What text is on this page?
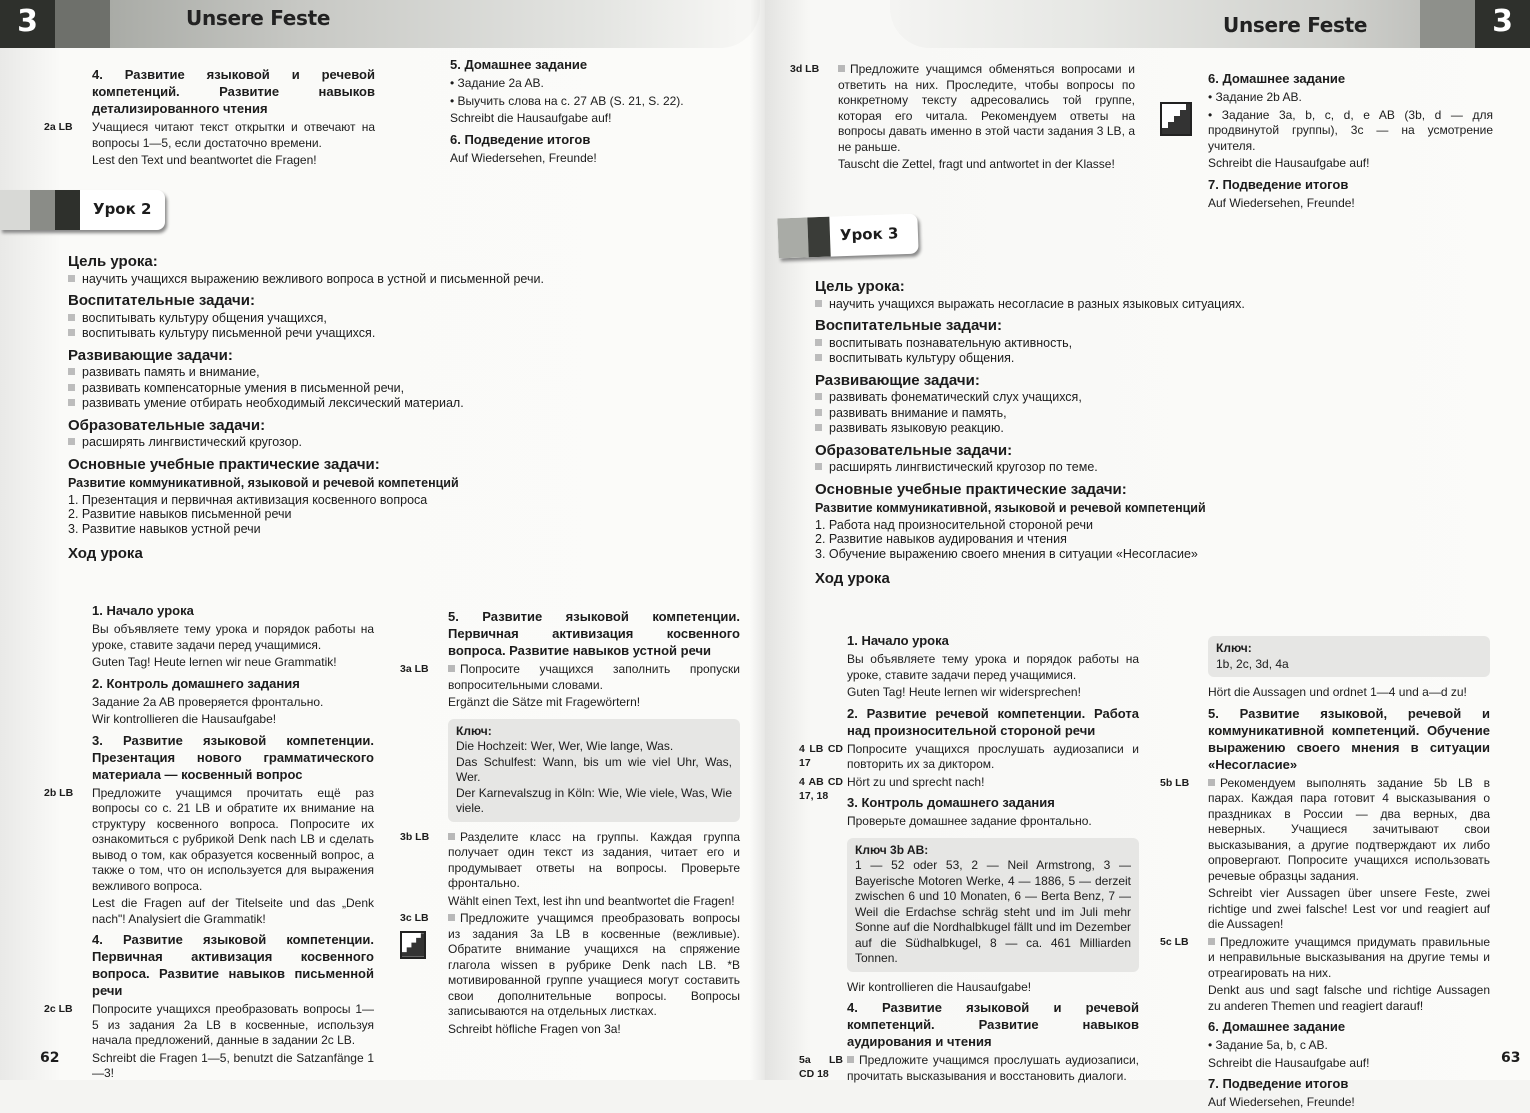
3	Unsere Feste
4. Развитие языковой и речевой компетенций. Развитие навыков детализированного чтения
2a LB	Учащиеся читают текст открытки и отвечают на вопросы 1—5, если достаточно времени.
Lest den Text und beantwortet die Fragen!
5. Домашнее задание
• Задание 2a AB.
• Выучить слова на с. 27 AB (S. 21, S. 22).
Schreibt die Hausaufgabe auf!
6. Подведение итогов
Auf Wiedersehen, Freunde!
Урок 2
Цель урока:
научить учащихся выражению вежливого вопроса в устной и письменной речи.
Воспитательные задачи:
воспитывать культуру общения учащихся,
воспитывать культуру письменной речи учащихся.
Развивающие задачи:
развивать память и внимание,
развивать компенсаторные умения в письменной речи,
развивать умение отбирать необходимый лексический материал.
Образовательные задачи:
расширять лингвистический кругозор.
Основные учебные практические задачи:
Развитие коммуникативной, языковой и речевой компетенций
1. Презентация и первичная активизация косвенного вопроса
2. Развитие навыков письменной речи
3. Развитие навыков устной речи
Ход урока
1. Начало урока
Вы объявляете тему урока и порядок работы на уроке, ставите задачи перед учащимися.
Guten Tag! Heute lernen wir neue Grammatik!
2. Контроль домашнего задания
Задание 2a AB проверяется фронтально.
Wir kontrollieren die Hausaufgabe!
3. Развитие языковой компетенции. Презентация нового грамматического материала — косвенный вопрос
2b LB	Предложите учащимся прочитать ещё раз вопросы со с. 21 LB и обратите их внимание на структуру косвенного вопроса. Попросите их ознакомиться с рубрикой Denk nach LB и сделать вывод о том, как образуется косвенный вопрос, а также о том, что он используется для выражения вежливого вопроса.
Lest die Fragen auf der Titelseite und das „Denk nach"! Analysiert die Grammatik!
4. Развитие языковой компетенции. Первичная активизация косвенного вопроса. Развитие навыков письменной речи
2c LB	Попросите учащихся преобразовать вопросы 1—5 из задания 2a LB в косвенные, используя начала предложений, данные в задании 2c LB.
Schreibt die Fragen 1—5, benutzt die Satzanfänge 1—3!
5. Развитие языковой компетенции. Первичная активизация косвенного вопроса. Развитие навыков устной речи
3a LB	Попросите учащихся заполнить пропуски вопросительными словами.
Ergänzt die Sätze mit Fragewörtern!
Ключ:
Die Hochzeit: Wer, Wer, Wie lange, Was.
Das Schulfest: Wann, bis um wie viel Uhr, Was, Wer.
Der Karnevalszug in Köln: Wie, Wie viele, Was, Wie viele.
3b LB	Разделите класс на группы. Каждая группа получает один текст из задания, читает его и продумывает ответы на вопросы. Проверьте фронтально.
Wählt einen Text, lest ihn und beantwortet die Fragen!
3c LB	Предложите учащимся преобразовать вопросы из задания 3a LB в косвенные (вежливые). Обратите внимание учащихся на спряжение глагола wissen в рубрике Denk nach LB. *В мотивированной группе учащиеся могут составить свои дополнительные вопросы. Вопросы записываются на отдельных листках.
Schreibt höfliche Fragen von 3a!
62
3
Unsere Feste
3d LB	Предложите учащимся обменяться вопросами и ответить на них. Проследите, чтобы вопросы по конкретному тексту адресовались той группе, которая его читала. Рекомендуем ответы на вопросы давать именно в этой части задания 3 LB, а не раньше.
Tauscht die Zettel, fragt und antwortet in der Klasse!
6. Домашнее задание
• Задание 2b AB.
• Задание 3a, b, c, d, e AB (3b, d — для продвинутой группы), 3c — на усмотрение учителя.
Schreibt die Hausaufgabe auf!
7. Подведение итогов
Auf Wiedersehen, Freunde!
Урок 3
Цель урока:
научить учащихся выражать несогласие в разных языковых ситуациях.
Воспитательные задачи:
воспитывать познавательную активность,
воспитывать культуру общения.
Развивающие задачи:
развивать фонематический слух учащихся,
развивать внимание и память,
развивать языковую реакцию.
Образовательные задачи:
расширять лингвистический кругозор по теме.
Основные учебные практические задачи:
Развитие коммуникативной, языковой и речевой компетенций
1. Работа над произносительной стороной речи
2. Развитие навыков аудирования и чтения
3. Обучение выражению своего мнения в ситуации «Несогласие»
Ход урока
1. Начало урока
Вы объявляете тему урока и порядок работы на уроке, ставите задачи перед учащимися.
Guten Tag! Heute lernen wir widersprechen!
2. Развитие речевой компетенции. Работа над произносительной стороной речи
4 LB CD 17
Попросите учащихся прослушать аудиозаписи и повторить их за диктором.
4 AB CD 17, 18
Hört zu und sprecht nach!
3. Контроль домашнего задания
Проверьте домашнее задание фронтально.
Ключ 3b AB:
1 — 52 oder 53, 2 — Neil Armstrong, 3 — Bayerische Motoren Werke, 4 — 1886, 5 — derzeit zwischen 6 und 10 Monaten, 6 — Berta Benz, 7 — Weil die Erdachse schräg steht und im Juli mehr Sonne auf die Nordhalbkugel fällt und im Dezember auf die Südhalbkugel, 8 — ca. 461 Milliarden Tonnen.
Wir kontrollieren die Hausaufgabe!
4. Развитие языковой и речевой компетенций. Развитие навыков аудирования и чтения
5a LB CD 18
Предложите учащимся прослушать аудиозаписи, прочитать высказывания и восстановить диалоги.
Ключ:
1b, 2c, 3d, 4a
Hört die Aussagen und ordnet 1—4 und a—d zu!
5. Развитие языковой, речевой и коммуникативной компетенций. Обучение выражению своего мнения в ситуации «Несогласие»
5b LB	Рекомендуем выполнять задание 5b LB в парах. Каждая пара готовит 4 высказывания о праздниках в России — два верных, два неверных. Учащиеся зачитывают свои высказывания, а другие подтверждают их либо опровергают. Попросите учащихся использовать речевые образцы задания.
Schreibt vier Aussagen über unsere Feste, zwei richtige und zwei falsche! Lest vor und reagiert auf die Aussagen!
5c LB	Предложите учащимся придумать правильные и неправильные высказывания на другие темы и отреагировать на них.
Denkt aus und sagt falsche und richtige Aussagen zu anderen Themen und reagiert darauf!
6. Домашнее задание
• Задание 5a, b, c AB.
Schreibt die Hausaufgabe auf!
7. Подведение итогов
Auf Wiedersehen, Freunde!
63
